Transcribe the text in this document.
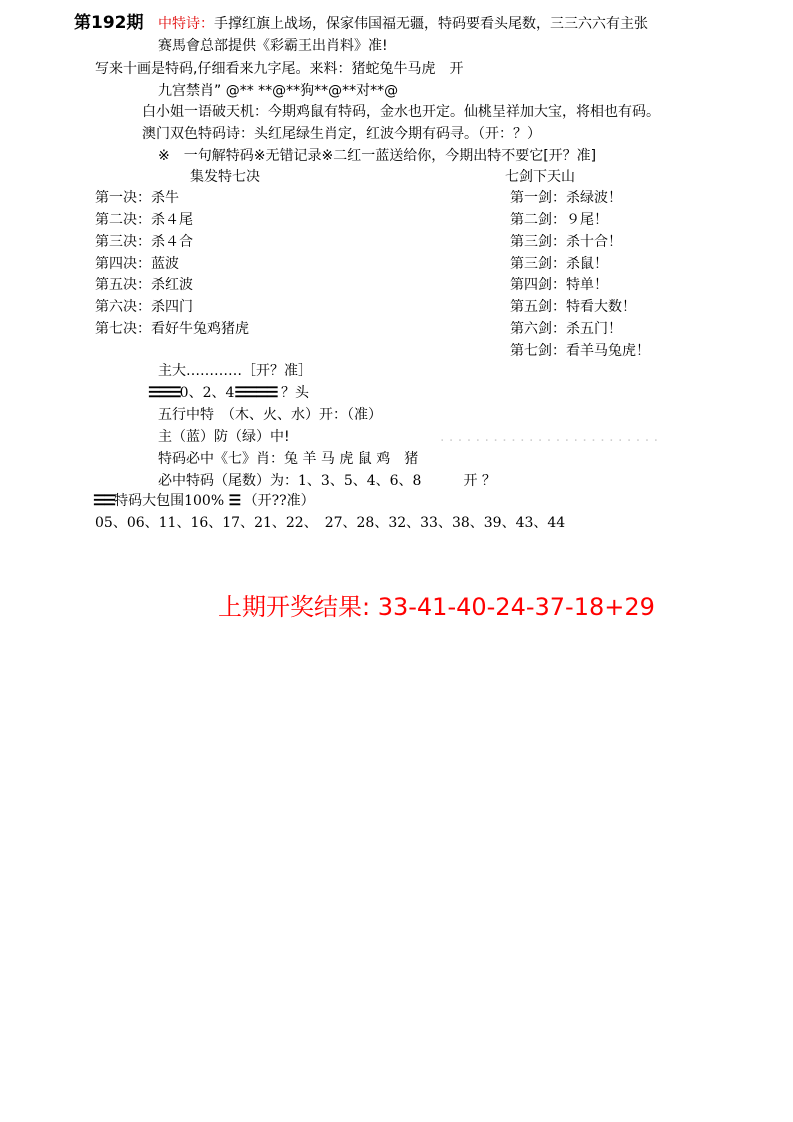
第192期 中特诗：手撑红旗上战场，保家伟国福无疆，特码要看头尾数，三三六六有主张
赛馬會总部提供《彩霸王出肖料》准!
写来十画是特码,仔细看来九字尾。来料：猪蛇兔牛马虎　开
九宫禁肖” @** **@**狗**@**对**@
白小姐一语破天机：今期鸡鼠有特码，金水也开定。仙桃呈祥加大宝，将相也有码。
澳门双色特码诗：头红尾绿生肖定，红波今期有码寻。（开：？）
※　一句解特码※无错记录※二红一蓝送给你，今期出特不要它[开？准]
集发特七决	七剑下天山
第一决：杀牛
第二决：杀４尾
第三决：杀４合
第四决：蓝波
第五决：杀红波
第六决：杀四门
第七决：看好牛兔鸡猪虎
第一剑：杀绿波！
第二剑：９尾！
第三剑：杀十合！
第三剑：杀鼠！
第四剑：特单！
第五剑：特看大数！
第六剑：杀五门！
第七剑：看羊马兔虎！
主大…………［开？准］
☰☰☰0、2、4☰☰☰☰ ？头
五行中特　（木、火、水）开：（准）
主（蓝）防（绿）中!	. . . . . . . . . . . . . . . . . . . . . . . . .
特码必中《七》肖：兔 羊 马 虎 鼠 鸡　猪
必中特码（尾数）为：1、3、5、4、6、8　　　开 ？
☰☰特码大包围100% ☰ （开??准）
05、06、11、16、17、21、22、　27、28、32、33、38、39、43、44
上期开奖结果: 33-41-40-24-37-18+29
